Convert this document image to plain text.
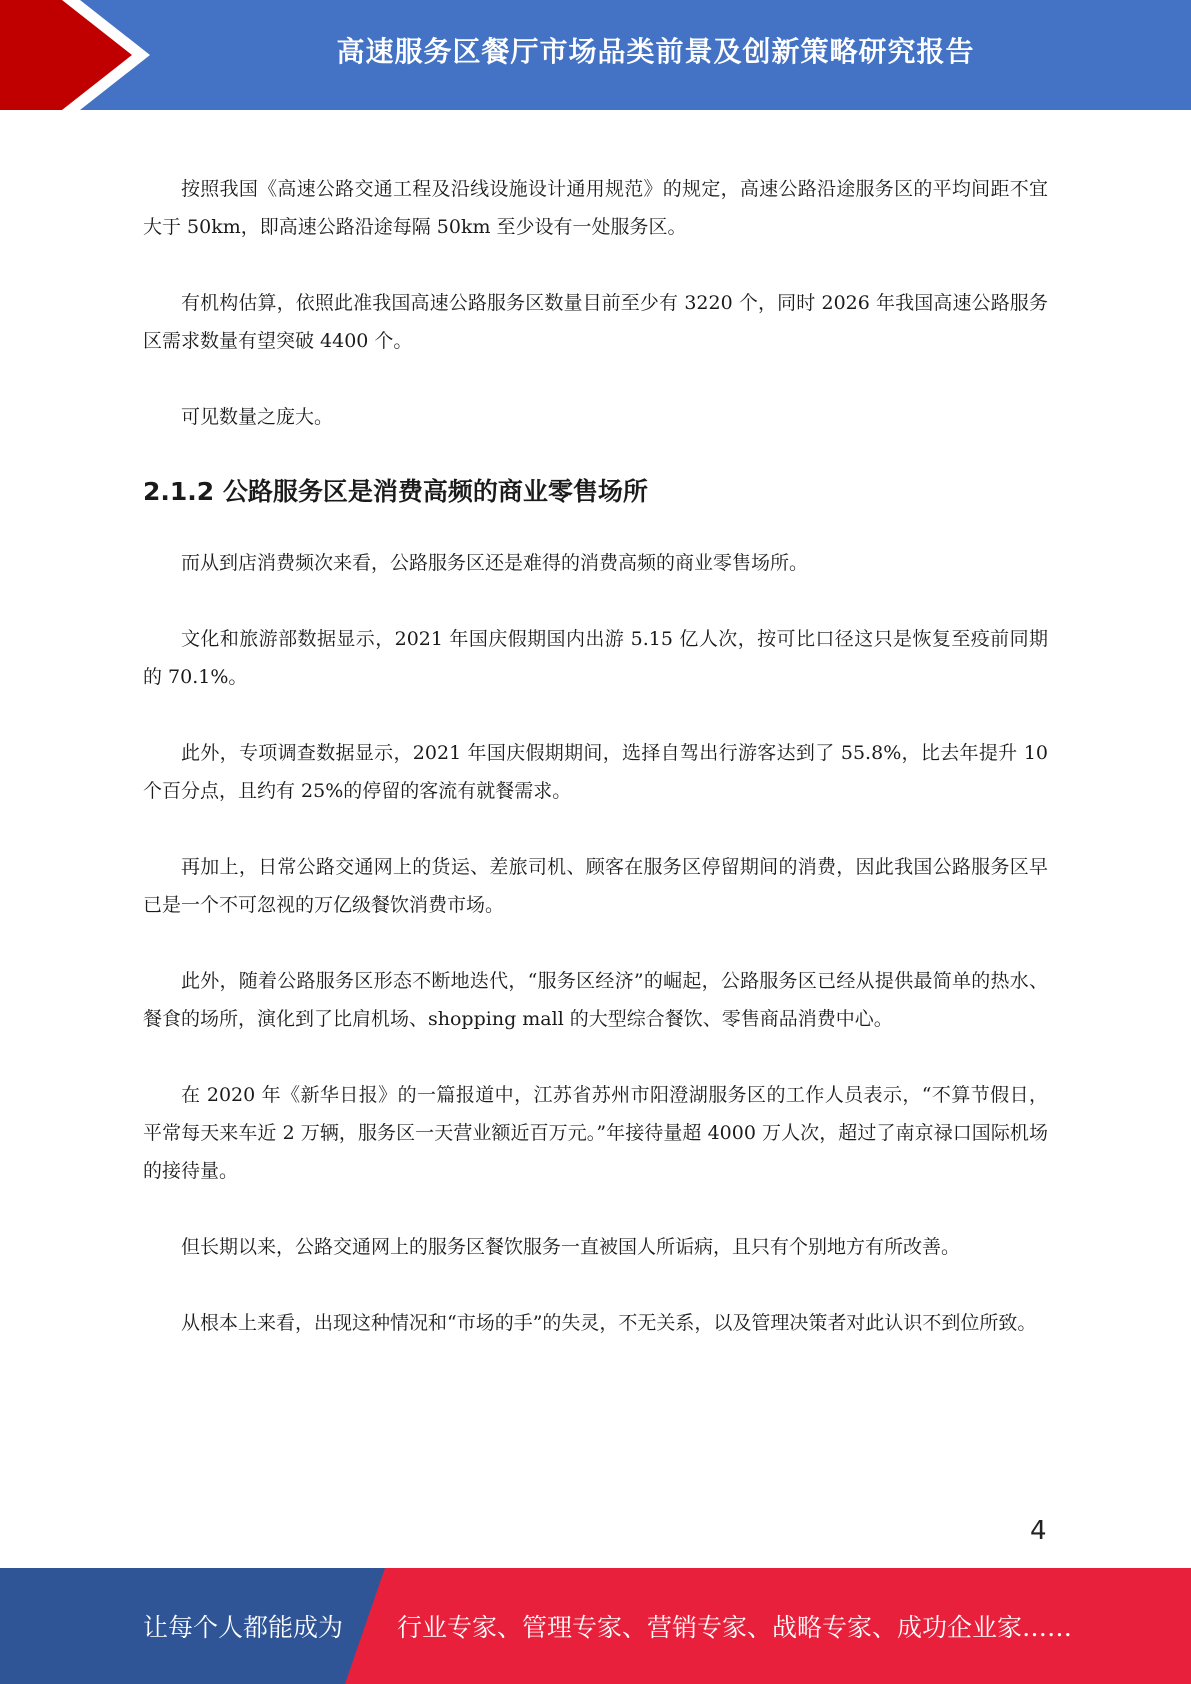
高速服务区餐厅市场品类前景及创新策略研究报告

按照我国《高速公路交通工程及沿线设施设计通用规范》的规定，高速公路沿途服务区的平均间距不宜大于 50km，即高速公路沿途每隔 50km 至少设有一处服务区。

有机构估算，依照此准我国高速公路服务区数量目前至少有 3220 个，同时 2026 年我国高速公路服务区需求数量有望突破 4400 个。

可见数量之庞大。

2.1.2 公路服务区是消费高频的商业零售场所

而从到店消费频次来看，公路服务区还是难得的消费高频的商业零售场所。

文化和旅游部数据显示，2021 年国庆假期国内出游 5.15 亿人次，按可比口径这只是恢复至疫前同期的 70.1%。

此外，专项调查数据显示，2021 年国庆假期期间，选择自驾出行游客达到了 55.8%，比去年提升 10 个百分点，且约有 25%的停留的客流有就餐需求。

再加上，日常公路交通网上的货运、差旅司机、顾客在服务区停留期间的消费，因此我国公路服务区早已是一个不可忽视的万亿级餐饮消费市场。

此外，随着公路服务区形态不断地迭代，“服务区经济”的崛起，公路服务区已经从提供最简单的热水、餐食的场所，演化到了比肩机场、shopping mall 的大型综合餐饮、零售商品消费中心。

在 2020 年《新华日报》的一篇报道中，江苏省苏州市阳澄湖服务区的工作人员表示，“不算节假日，平常每天来车近 2 万辆，服务区一天营业额近百万元。”年接待量超 4000 万人次，超过了南京禄口国际机场的接待量。

但长期以来，公路交通网上的服务区餐饮服务一直被国人所诟病，且只有个别地方有所改善。

从根本上来看，出现这种情况和“市场的手”的失灵，不无关系，以及管理决策者对此认识不到位所致。

4
让每个人都能成为 行业专家、管理专家、营销专家、战略专家、成功企业家……
